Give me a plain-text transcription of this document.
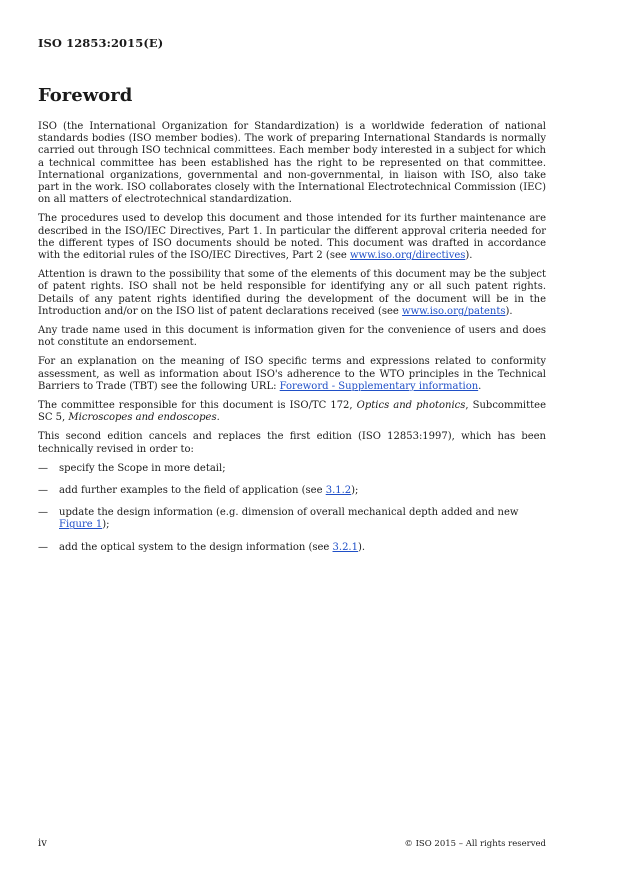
ISO 12853:2015(E)
Foreword

ISO (the International Organization for Standardization) is a worldwide federation of national standards bodies (ISO member bodies). The work of preparing International Standards is normally carried out through ISO technical committees. Each member body interested in a subject for which a technical committee has been established has the right to be represented on that committee. International organizations, governmental and non-governmental, in liaison with ISO, also take part in the work. ISO collaborates closely with the International Electrotechnical Commission (IEC) on all matters of electrotechnical standardization.

The procedures used to develop this document and those intended for its further maintenance are described in the ISO/IEC Directives, Part 1. In particular the different approval criteria needed for the different types of ISO documents should be noted. This document was drafted in accordance with the editorial rules of the ISO/IEC Directives, Part 2 (see www.iso.org/directives).

Attention is drawn to the possibility that some of the elements of this document may be the subject of patent rights. ISO shall not be held responsible for identifying any or all such patent rights. Details of any patent rights identified during the development of the document will be in the Introduction and/or on the ISO list of patent declarations received (see www.iso.org/patents).

Any trade name used in this document is information given for the convenience of users and does not constitute an endorsement.

For an explanation on the meaning of ISO specific terms and expressions related to conformity assessment, as well as information about ISO's adherence to the WTO principles in the Technical Barriers to Trade (TBT) see the following URL: Foreword - Supplementary information.

The committee responsible for this document is ISO/TC 172, Optics and photonics, Subcommittee SC 5, Microscopes and endoscopes.

This second edition cancels and replaces the first edition (ISO 12853:1997), which has been technically revised in order to:

—	specify the Scope in more detail;
—	add further examples to the field of application (see 3.1.2);
—	update the design information (e.g. dimension of overall mechanical depth added and new Figure 1);
—	add the optical system to the design information (see 3.2.1).
iv	© ISO 2015 – All rights reserved
